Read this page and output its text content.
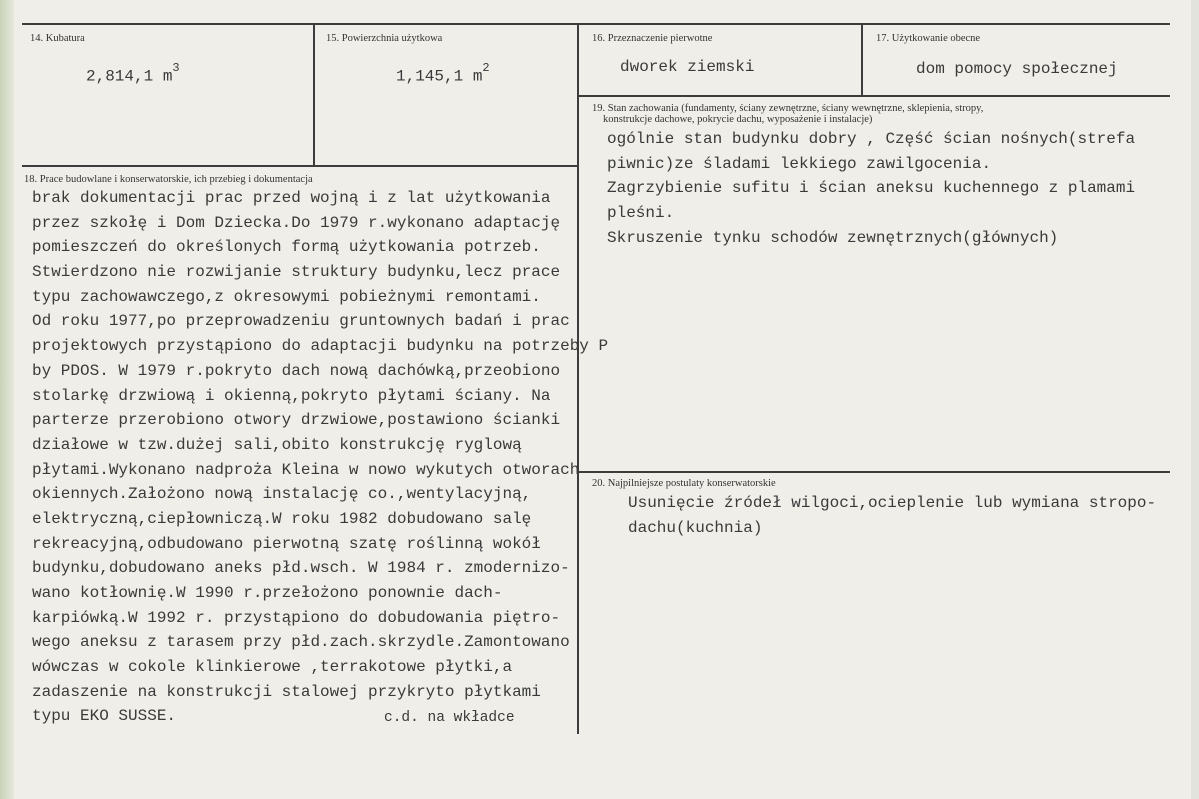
14. Kubatura
2,814,1 $m^3$
15. Powierzchnia użytkowa
1,145,1 $m^2$
16. Przeznaczenie pierwotne
dworek ziemski
17. Użytkowanie obecne
dom pomocy społecznej
18. Prace budowlane i konserwatorskie, ich przebieg i dokumentacja
brak dokumentacji prac przed wojną i z lat użytkowania
przez szkołę i Dom Dziecka.Do 1979 r.wykonano adaptację
pomieszczeń do określonych formą użytkowania potrzeb.
Stwierdzono nie rozwijanie struktury budynku,lecz prace
typu zachowawczego,z okresowymi pobieżnymi remontami.
Od roku 1977,po przeprowadzeniu gruntownych badań i prac
projektowych przystąpiono do adaptacji budynku na potrzeby P
by PDOS. W 1979 r.pokryto dach nową dachówką,przeobiono
stolarkę drzwiową i okienną,pokryto płytami ściany. Na
parterze przerobiono otwory drzwiowe,postawiono ścianki
działowe w tzw.dużej sali,obito konstrukcję ryglową
płytami.Wykonano nadproża Kleina w nowo wykutych otworach
okiennych.Założono nową instalację co.,wentylacyjną,
elektryczną,ciepłowniczą.W roku 1982 dobudowano salę
rekreacyjną,odbudowano pierwotną szatę roślinną wokół
budynku,dobudowano aneks płd.wsch. W 1984 r. zmodernizo-
wano kotłownię.W 1990 r.przełożono ponownie dach-
karpiówką.W 1992 r. przystąpiono do dobudowania piętro-
wego aneksu z tarasem przy płd.zach.skrzydle.Zamontowano
wówczas w cokole klinkierowe ,terrakotowe płytki,a
zadaszenie na konstrukcji stalowej przykryto płytkami
typu EKO SUSSE.	c.d. na wkładce
19. Stan zachowania (fundamenty, ściany zewnętrzne, ściany wewnętrzne, sklepienia, stropy,
konstrukcje dachowe, pokrycie dachu, wyposażenie i instalacje)
ogólnie stan budynku dobry , Część ścian nośnych(strefa
piwnic)ze śladami lekkiego zawilgocenia.
Zagrzybienie sufitu i ścian aneksu kuchennego z plamami
pleśni.
Skruszenie tynku schodów zewnętrznych(głównych)
20. Najpilniejsze postulaty konserwatorskie
Usunięcie źródeł wilgoci,ocieplenie lub wymiana stropo-
dachu(kuchnia)
